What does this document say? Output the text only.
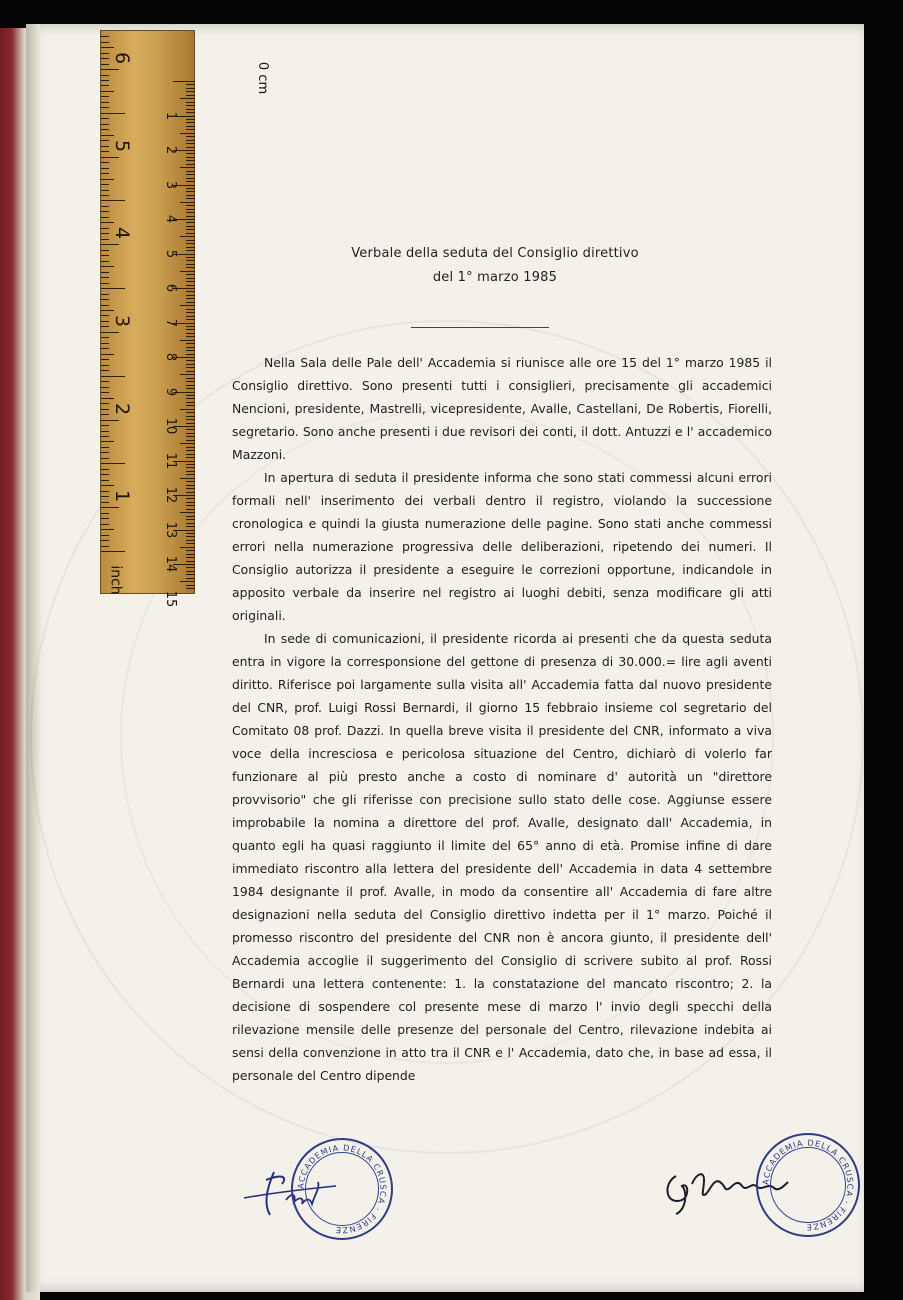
0 cm
inch
1
2
3
4
5
6
7
8
9
10
11
12
13
14
15
6
5
4
3
2
1
Verbale della seduta del Consiglio direttivo
del 1° marzo 1985

Nella Sala delle Pale dell' Accademia si riunisce alle ore 15 del 1° marzo 1985 il Consiglio direttivo. Sono presenti tutti i consiglieri, precisamente gli accademici Nencioni, presidente, Mastrelli, vicepresidente, Avalle, Castellani, De Robertis, Fiorelli, segretario. Sono anche presenti i due revisori dei conti, il dott. Antuzzi e l' accademico Mazzoni.

In apertura di seduta il presidente informa che sono stati commessi alcuni errori formali nell' inserimento dei verbali dentro il registro, violando la successione cronologica e quindi la giusta numerazione delle pagine. Sono stati anche commessi errori nella numerazione progressiva delle deliberazioni, ripetendo dei numeri. Il Consiglio autorizza il presidente a eseguire le correzioni opportune, indicandole in apposito verbale da inserire nel registro ai luoghi debiti, senza modificare gli atti originali.

In sede di comunicazioni, il presidente ricorda ai presenti che da questa seduta entra in vigore la corresponsione del gettone di presenza di 30.000.= lire agli aventi diritto. Riferisce poi largamente sulla visita all' Accademia fatta dal nuovo presidente del CNR, prof. Luigi Rossi Bernardi, il giorno 15 febbraio insieme col segretario del Comitato 08 prof. Dazzi. In quella breve visita il presidente del CNR, informato a viva voce della incresciosa e pericolosa situazione del Centro, dichiarò di volerlo far funzionare al più presto anche a costo di nominare d' autorità un "direttore provvisorio" che gli riferisse con precisione sullo stato delle cose. Aggiunse essere improbabile la nomina a direttore del prof. Avalle, designato dall' Accademia, in quanto egli ha quasi raggiunto il limite del 65° anno di età. Promise infine di dare immediato riscontro alla lettera del presidente dell' Accademia in data 4 settembre 1984 designante il prof. Avalle, in modo da consentire all' Accademia di fare altre designazioni nella seduta del Consiglio direttivo indetta per il 1° marzo. Poiché il promesso riscontro del presidente del CNR non è ancora giunto, il presidente dell' Accademia accoglie il suggerimento del Consiglio di scrivere subito al prof. Rossi Bernardi una lettera contenente: 1. la constatazione del mancato riscontro; 2. la decisione di sospendere col presente mese di marzo l' invio degli specchi della rilevazione mensile delle presenze del personale del Centro, rilevazione indebita ai sensi della convenzione in atto tra il CNR e l' Accademia, dato che, in base ad essa, il personale del Centro dipende

ACCADEMIA DELLA CRUSCA · FIRENZE
ACCADEMIA DELLA CRUSCA · FIRENZE
